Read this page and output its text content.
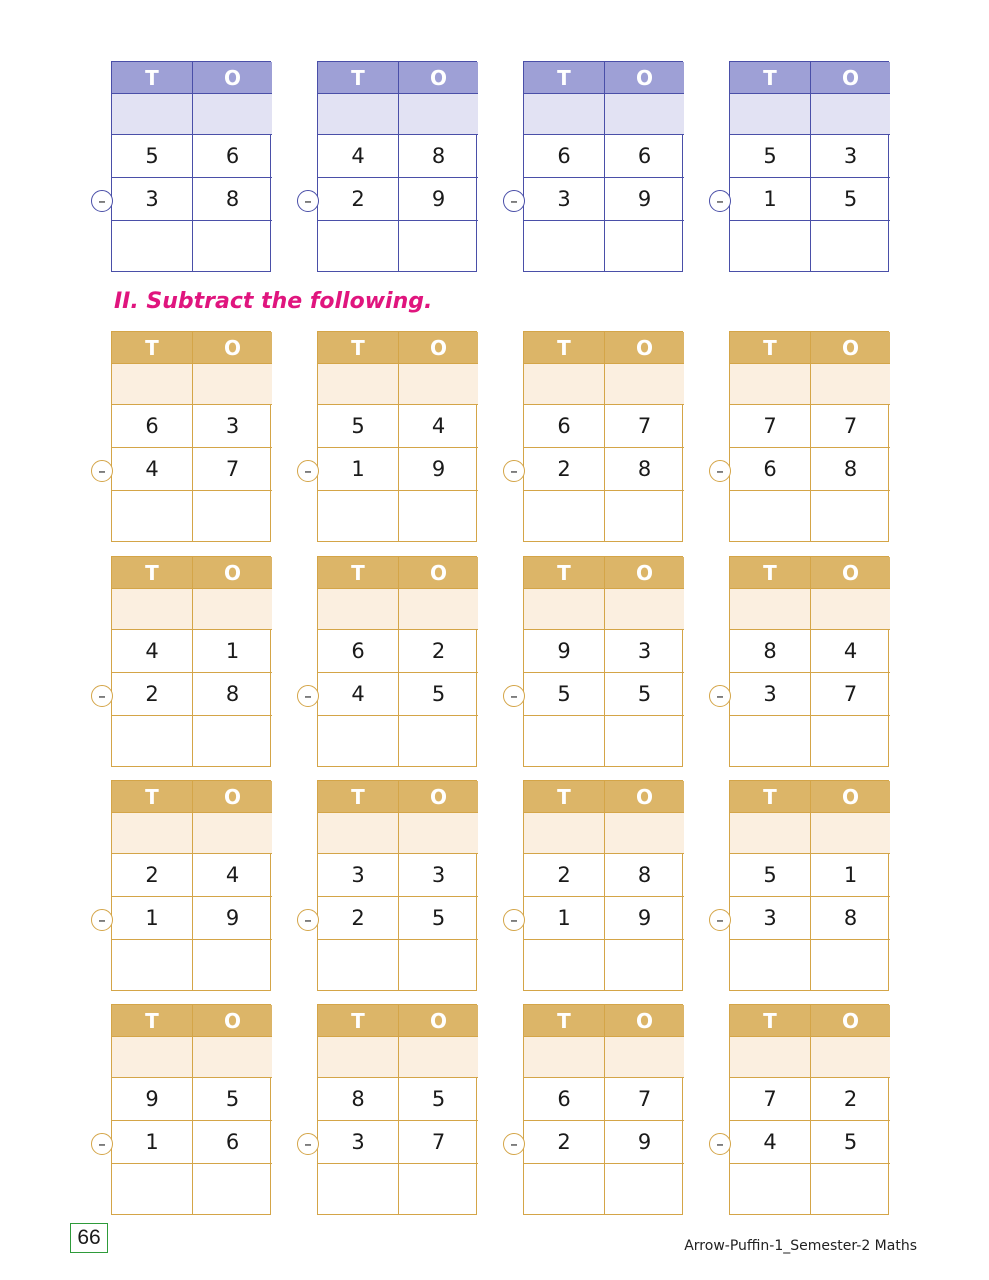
T	O
5	6
3	8
–
T	O
4	8
2	9
–
T	O
6	6
3	9
–
T	O
5	3
1	5
–
T	O
6	3
4	7
–
T	O
5	4
1	9
–
T	O
6	7
2	8
–
T	O
7	7
6	8
–
T	O
4	1
2	8
–
T	O
6	2
4	5
–
T	O
9	3
5	5
–
T	O
8	4
3	7
–
T	O
2	4
1	9
–
T	O
3	3
2	5
–
T	O
2	8
1	9
–
T	O
5	1
3	8
–
T	O
9	5
1	6
–
T	O
8	5
3	7
–
T	O
6	7
2	9
–
T	O
7	2
4	5
–
II. Subtract the following.
66	Arrow-Puffin-1_Semester-2 Maths
